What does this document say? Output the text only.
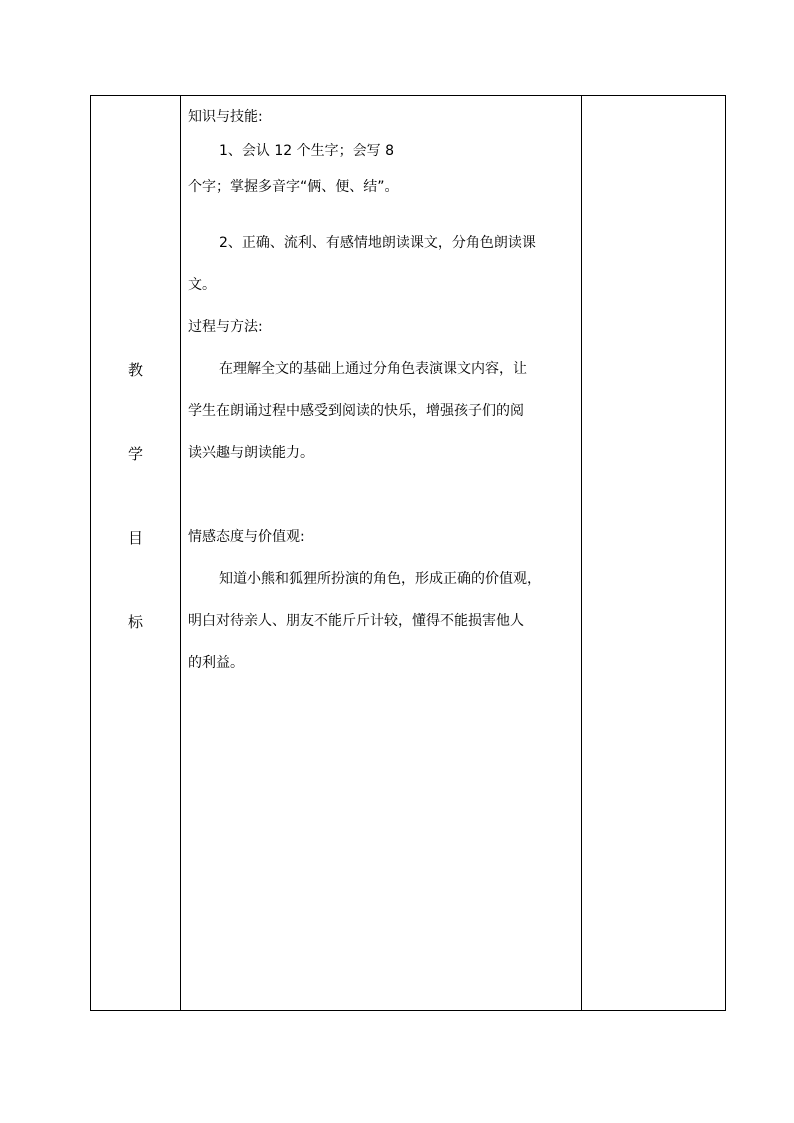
教
学
目
标
知识与技能:
1、会认 12 个生字；会写 8
个字；掌握多音字“俩、便、结”。
2、正确、流利、有感情地朗读课文，分角色朗读课
文。
过程与方法:
在理解全文的基础上通过分角色表演课文内容，让
学生在朗诵过程中感受到阅读的快乐，增强孩子们的阅
读兴趣与朗读能力。
情感态度与价值观:
知道小熊和狐狸所扮演的角色，形成正确的价值观，
明白对待亲人、朋友不能斤斤计较，懂得不能损害他人
的利益。
